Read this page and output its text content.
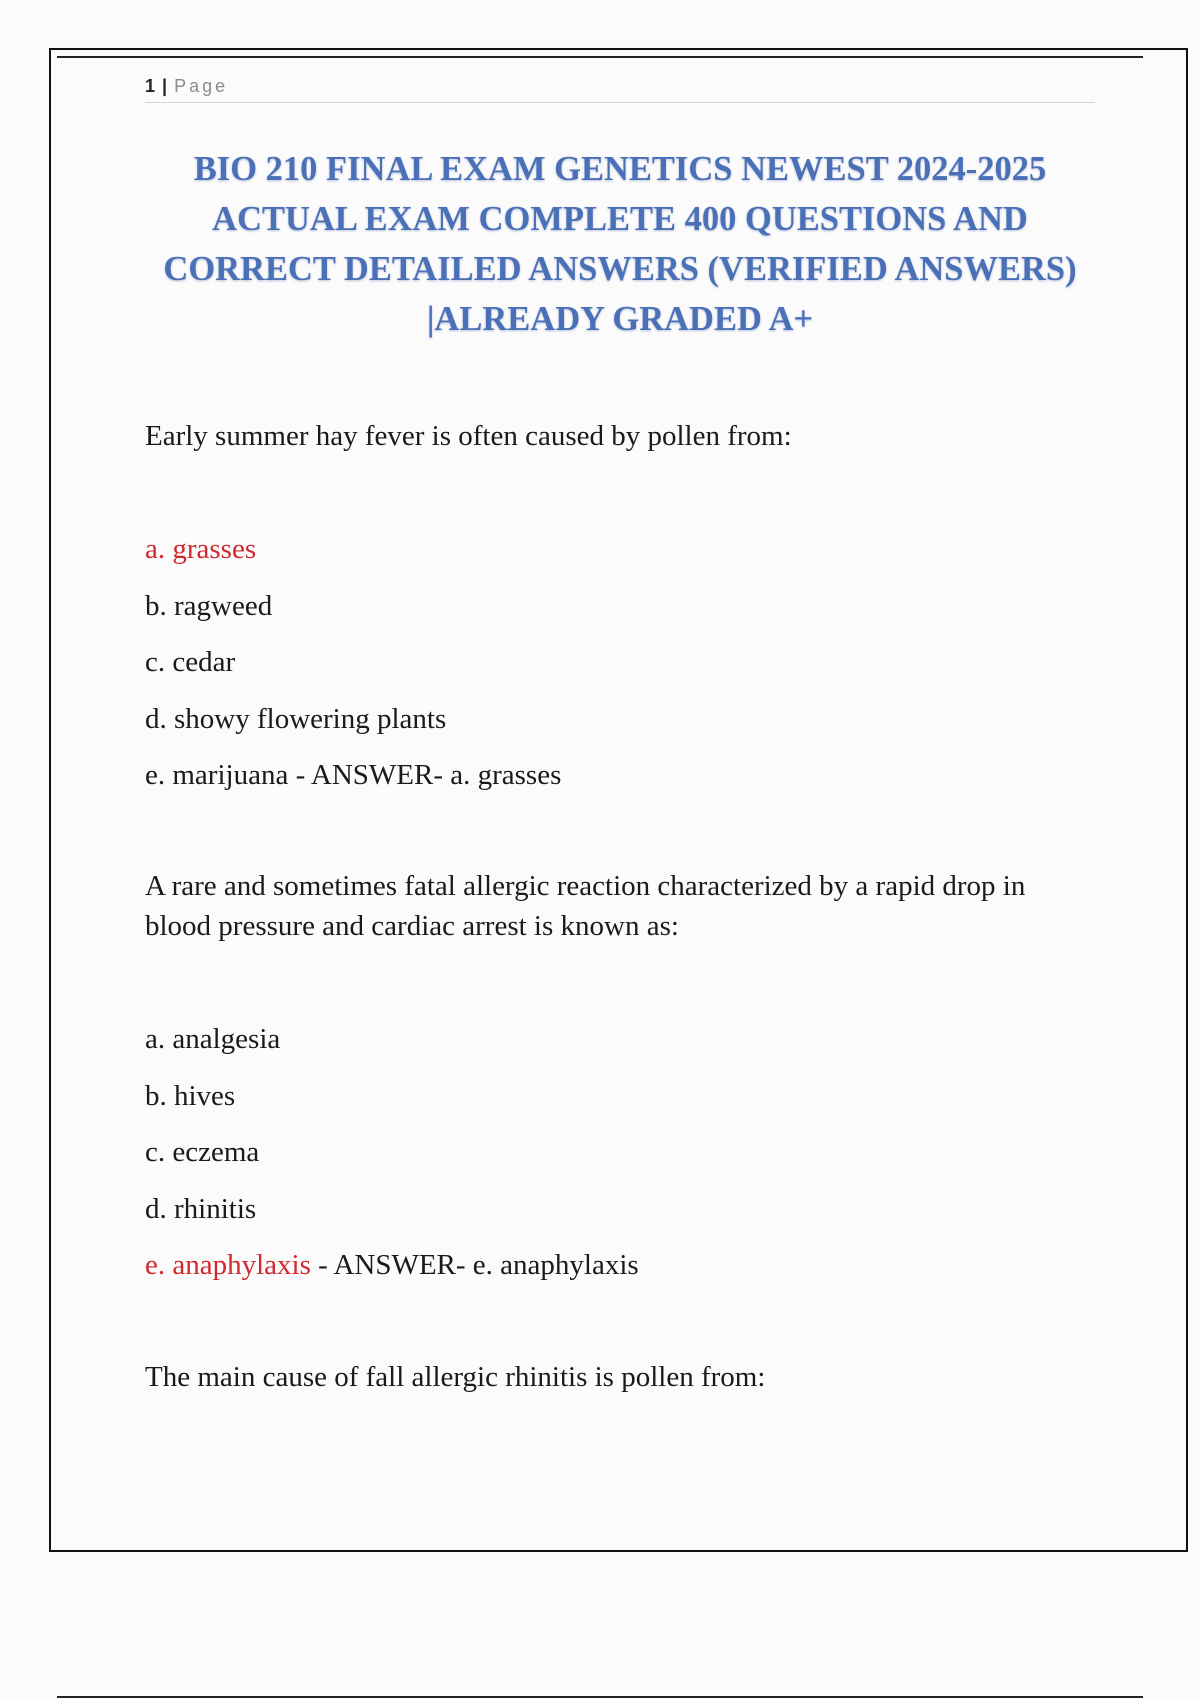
1 | Page
BIO 210 FINAL EXAM GENETICS NEWEST 2024-2025 ACTUAL EXAM COMPLETE 400 QUESTIONS AND CORRECT DETAILED ANSWERS (VERIFIED ANSWERS) |ALREADY GRADED A+

Early summer hay fever is often caused by pollen from:

a. grasses
b. ragweed
c. cedar
d. showy flowering plants
e. marijuana - ANSWER- a. grasses

A rare and sometimes fatal allergic reaction characterized by a rapid drop in blood pressure and cardiac arrest is known as:

a. analgesia
b. hives
c. eczema
d. rhinitis
e. anaphylaxis - ANSWER- e. anaphylaxis

The main cause of fall allergic rhinitis is pollen from:
